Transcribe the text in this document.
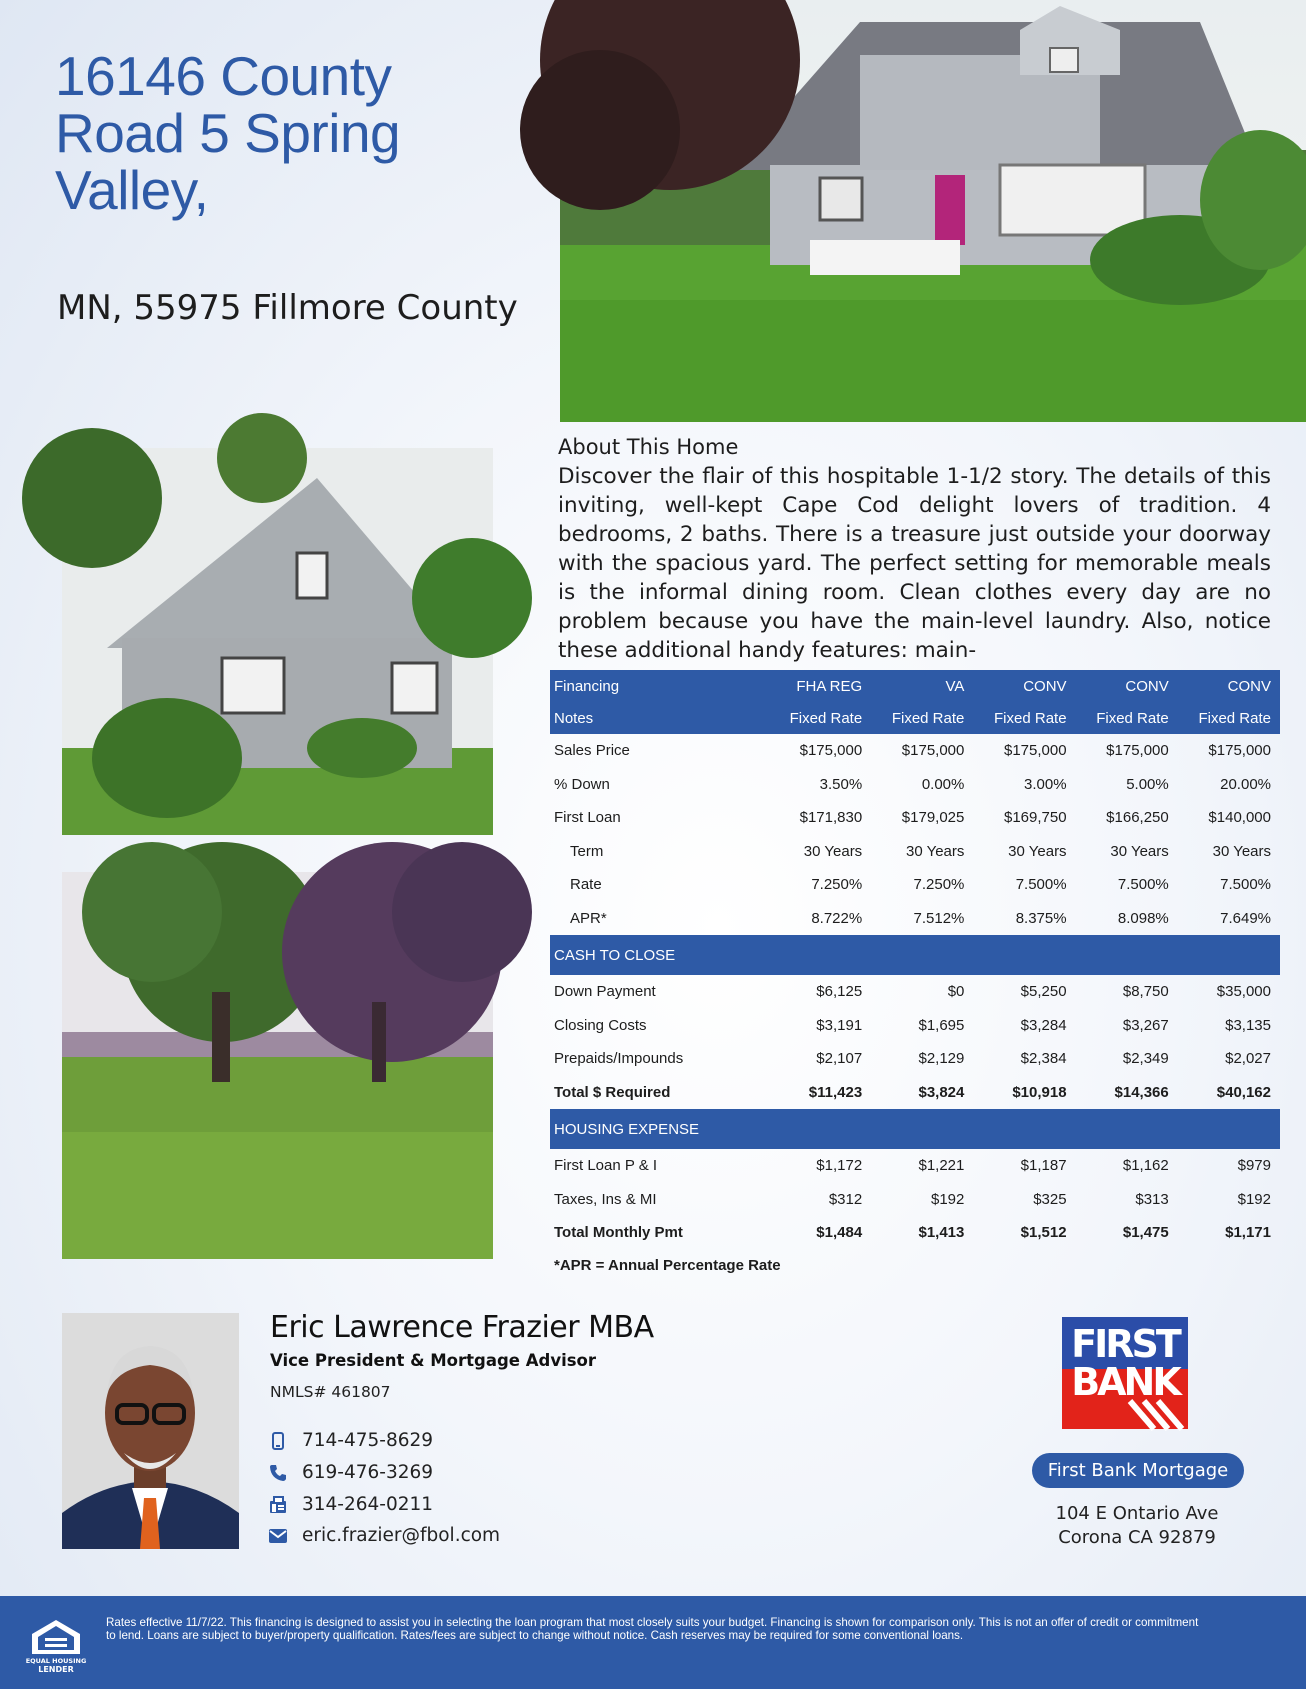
16146 County Road 5 Spring Valley,
MN, 55975 Fillmore County
About This Home
Discover the flair of this hospitable 1-1/2 story. The details of this inviting, well-kept Cape Cod delight lovers of tradition. 4 bedrooms, 2 baths. There is a treasure just outside your doorway with the spacious yard. The perfect setting for memorable meals is the informal dining room. Clean clothes every day are no problem because you have the main-level laundry. Also, notice these additional handy features: main-
Financing	FHA REG	VA	CONV	CONV	CONV
Notes	Fixed Rate	Fixed Rate	Fixed Rate	Fixed Rate	Fixed Rate
Sales Price	$175,000	$175,000	$175,000	$175,000	$175,000
% Down	3.50%	0.00%	3.00%	5.00%	20.00%
First Loan	$171,830	$179,025	$169,750	$166,250	$140,000
Term	30 Years	30 Years	30 Years	30 Years	30 Years
Rate	7.250%	7.250%	7.500%	7.500%	7.500%
APR*	8.722%	7.512%	8.375%	8.098%	7.649%
CASH TO CLOSE					
Down Payment	$6,125	$0	$5,250	$8,750	$35,000
Closing Costs	$3,191	$1,695	$3,284	$3,267	$3,135
Prepaids/Impounds	$2,107	$2,129	$2,384	$2,349	$2,027
Total $ Required	$11,423	$3,824	$10,918	$14,366	$40,162
HOUSING EXPENSE					
First Loan P & I	$1,172	$1,221	$1,187	$1,162	$979
Taxes, Ins & MI	$312	$192	$325	$313	$192
Total Monthly Pmt	$1,484	$1,413	$1,512	$1,475	$1,171
*APR = Annual Percentage Rate
Eric Lawrence Frazier MBA
Vice President & Mortgage Advisor
NMLS# 461807
714-475-8629
619-476-3269
314-264-0211
eric.frazier@fbol.com
FIRST
BANK
First Bank Mortgage
104 E Ontario Ave
Corona CA 92879
EQUAL HOUSING
LENDER
Rates effective 11/7/22. This financing is designed to assist you in selecting the loan program that most closely suits your budget. Financing is shown for comparison only. This is not an offer of credit or commitment to lend. Loans are subject to buyer/property qualification. Rates/fees are subject to change without notice. Cash reserves may be required for some conventional loans.
